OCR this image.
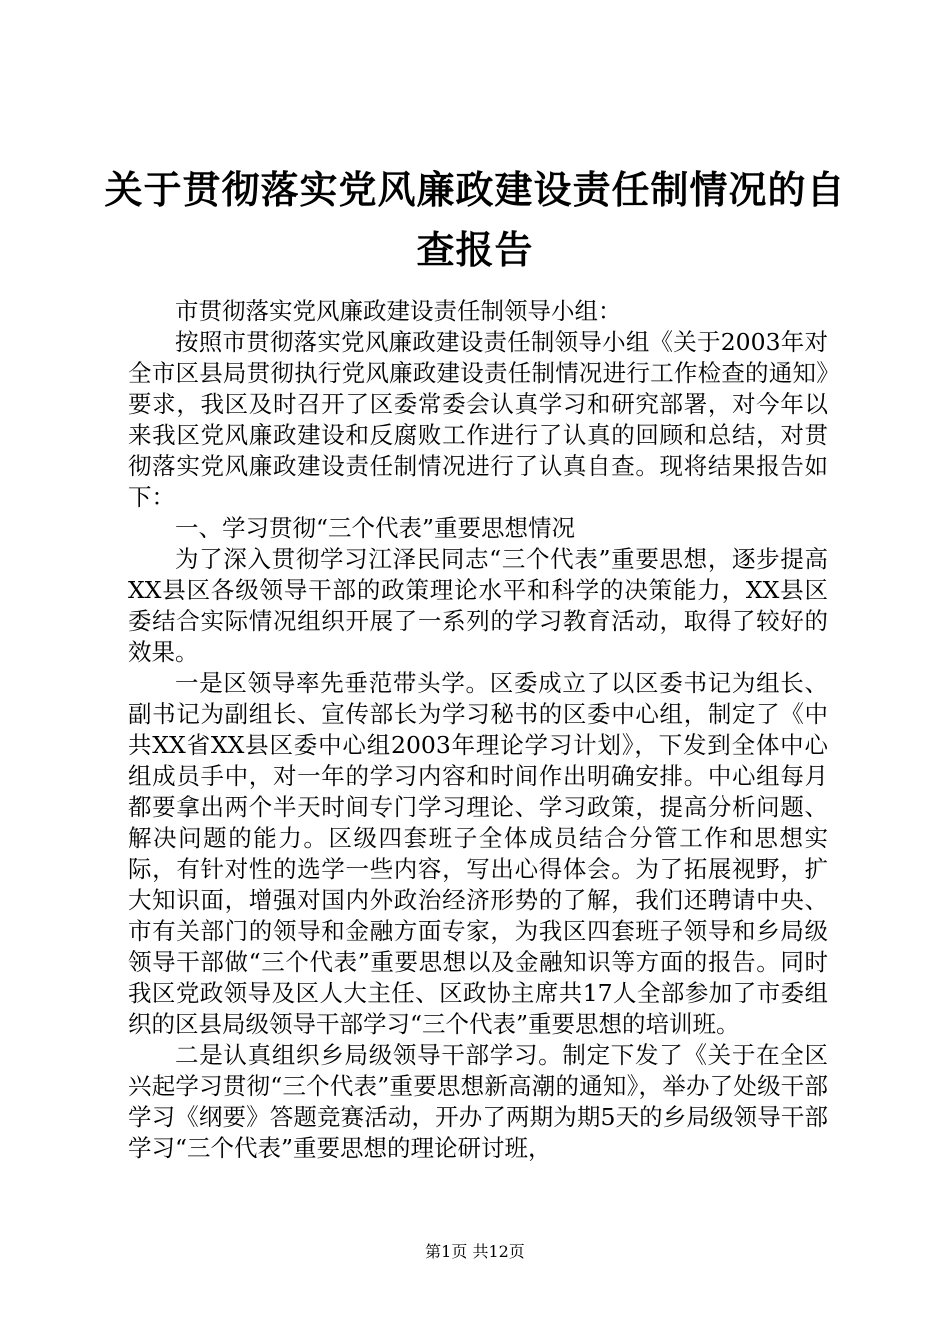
关于贯彻落实党风廉政建设责任制情况的自查报告

市贯彻落实党风廉政建设责任制领导小组：

按照市贯彻落实党风廉政建设责任制领导小组《关于2003年对全市区县局贯彻执行党风廉政建设责任制情况进行工作检查的通知》要求，我区及时召开了区委常委会认真学习和研究部署，对今年以来我区党风廉政建设和反腐败工作进行了认真的回顾和总结，对贯彻落实党风廉政建设责任制情况进行了认真自查。现将结果报告如下：

一、学习贯彻“三个代表”重要思想情况

为了深入贯彻学习江泽民同志“三个代表”重要思想，逐步提高XX县区各级领导干部的政策理论水平和科学的决策能力，XX县区委结合实际情况组织开展了一系列的学习教育活动，取得了较好的效果。

一是区领导率先垂范带头学。区委成立了以区委书记为组长、副书记为副组长、宣传部长为学习秘书的区委中心组，制定了《中共XX省XX县区委中心组2003年理论学习计划》，下发到全体中心组成员手中，对一年的学习内容和时间作出明确安排。中心组每月都要拿出两个半天时间专门学习理论、学习政策，提高分析问题、解决问题的能力。区级四套班子全体成员结合分管工作和思想实际，有针对性的选学一些内容，写出心得体会。为了拓展视野，扩大知识面，增强对国内外政治经济形势的了解，我们还聘请中央、市有关部门的领导和金融方面专家，为我区四套班子领导和乡局级领导干部做“三个代表”重要思想以及金融知识等方面的报告。同时我区党政领导及区人大主任、区政协主席共17人全部参加了市委组织的区县局级领导干部学习“三个代表”重要思想的培训班。

二是认真组织乡局级领导干部学习。制定下发了《关于在全区兴起学习贯彻“三个代表”重要思想新高潮的通知》，举办了处级干部学习《纲要》答题竞赛活动，开办了两期为期5天的乡局级领导干部学习“三个代表”重要思想的理论研讨班，

第1页 共12页
